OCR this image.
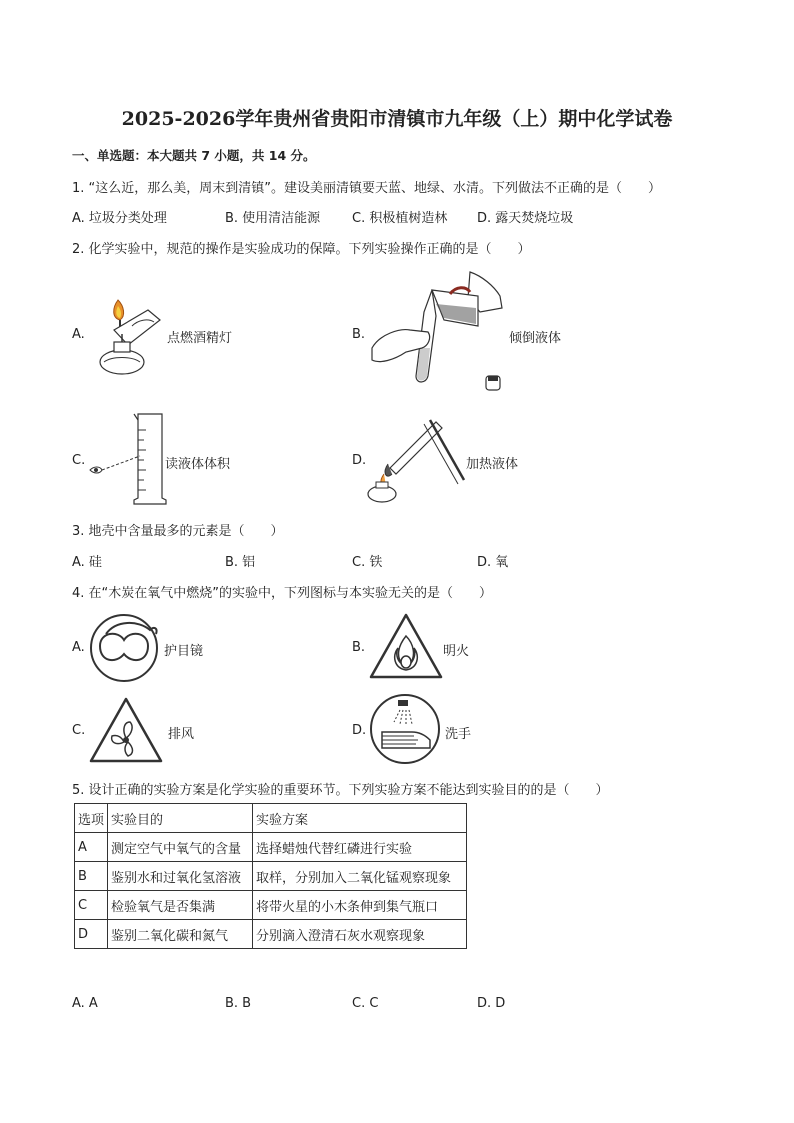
2025-2026学年贵州省贵阳市清镇市九年级（上）期中化学试卷
一、单选题：本大题共 7 小题，共 14 分。
1. “这么近，那么美，周末到清镇”。建设美丽清镇要天蓝、地绿、水清。下列做法不正确的是（　　）
A. 垃圾分类处理	B. 使用清洁能源 C. 积极植树造林 D. 露天焚烧垃圾
2. 化学实验中，规范的操作是实验成功的保障。下列实验操作正确的是（　　）
A.	点燃酒精灯	B.	倾倒液体
C.	读液体体积	D.	加热液体
3. 地壳中含量最多的元素是（　　）
A. 硅	B. 铝	C. 铁	D. 氧
4. 在“木炭在氧气中燃烧”的实验中，下列图标与本实验无关的是（　　）
A.	护目镜	B.	明火
C.	排风	D.	洗手
5. 设计正确的实验方案是化学实验的重要环节。下列实验方案不能达到实验目的的是（　　）
选项	实验目的	实验方案
A	测定空气中氧气的含量	选择蜡烛代替红磷进行实验
B	鉴别水和过氧化氢溶液	取样，分别加入二氧化锰观察现象
C	检验氧气是否集满	将带火星的小木条伸到集气瓶口
D	鉴别二氧化碳和氮气	分别滴入澄清石灰水观察现象
A. A	B. B	C. C	D. D
